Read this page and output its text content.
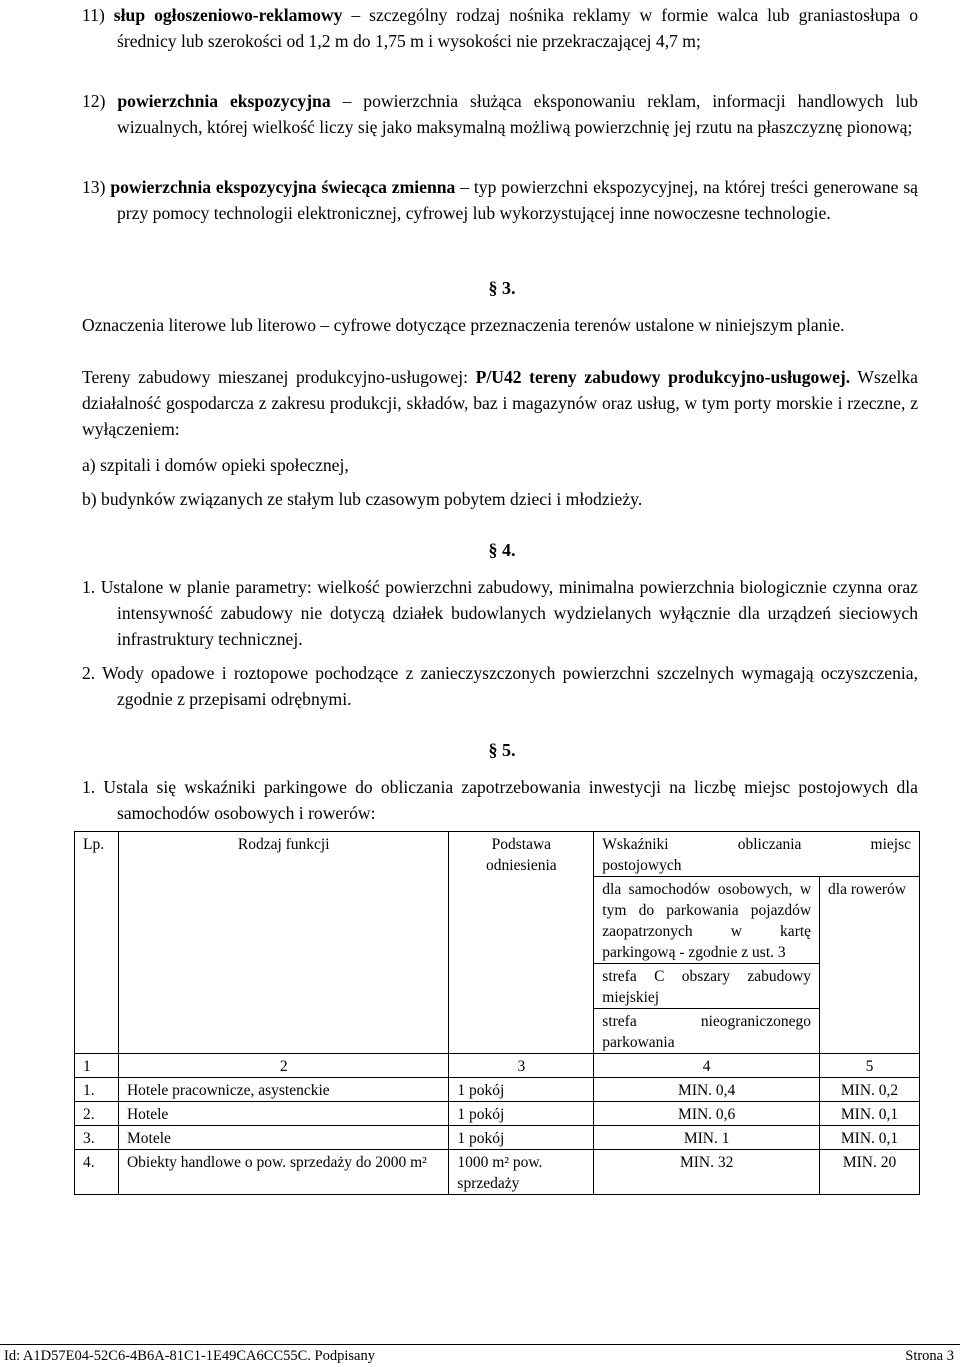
11) słup ogłoszeniowo-reklamowy – szczególny rodzaj nośnika reklamy w formie walca lub graniastosłupa o średnicy lub szerokości od 1,2 m do 1,75 m i wysokości nie przekraczającej 4,7 m;
12) powierzchnia ekspozycyjna – powierzchnia służąca eksponowaniu reklam, informacji handlowych lub wizualnych, której wielkość liczy się jako maksymalną możliwą powierzchnię jej rzutu na płaszczyznę pionową;
13) powierzchnia ekspozycyjna świecąca zmienna – typ powierzchni ekspozycyjnej, na której treści generowane są przy pomocy technologii elektronicznej, cyfrowej lub wykorzystującej inne nowoczesne technologie.
§ 3.
Oznaczenia literowe lub literowo – cyfrowe dotyczące przeznaczenia terenów ustalone w niniejszym planie.
Tereny zabudowy mieszanej produkcyjno-usługowej: P/U42 tereny zabudowy produkcyjno-usługowej. Wszelka działalność gospodarcza z zakresu produkcji, składów, baz i magazynów oraz usług, w tym porty morskie i rzeczne, z wyłączeniem:
a) szpitali i domów opieki społecznej,
b) budynków związanych ze stałym lub czasowym pobytem dzieci i młodzieży.
§ 4.
1. Ustalone w planie parametry: wielkość powierzchni zabudowy, minimalna powierzchnia biologicznie czynna oraz intensywność zabudowy nie dotyczą działek budowlanych wydzielanych wyłącznie dla urządzeń sieciowych infrastruktury technicznej.
2. Wody opadowe i roztopowe pochodzące z zanieczyszczonych powierzchni szczelnych wymagają oczyszczenia, zgodnie z przepisami odrębnymi.
§ 5.
1. Ustala się wskaźniki parkingowe do obliczania zapotrzebowania inwestycji na liczbę miejsc postojowych dla samochodów osobowych i rowerów:
Lp.	Rodzaj funkcji	Podstawa odniesienia	Wskaźniki obliczania miejsc
postojowych	

			dla samochodów osobowych, w tym do parkowania pojazdów zaopatrzonych w kartę parkingową - zgodnie z ust. 3	dla rowerów
			strefa C obszary zabudowy miejskiej	
			strefa nieograniczonego parkowania	
1	2	3	4	5
1.	Hotele pracownicze, asystenckie	1 pokój	MIN. 0,4	MIN. 0,2
2.	Hotele	1 pokój	MIN. 0,6	MIN. 0,1
3.	Motele	1 pokój	MIN. 1	MIN. 0,1
4.	Obiekty handlowe o pow. sprzedaży do 2000 m²	1000 m² pow. sprzedaży	MIN. 32	MIN. 20
Id: A1D57E04-52C6-4B6A-81C1-1E49CA6CC55C. Podpisany	Strona 3
